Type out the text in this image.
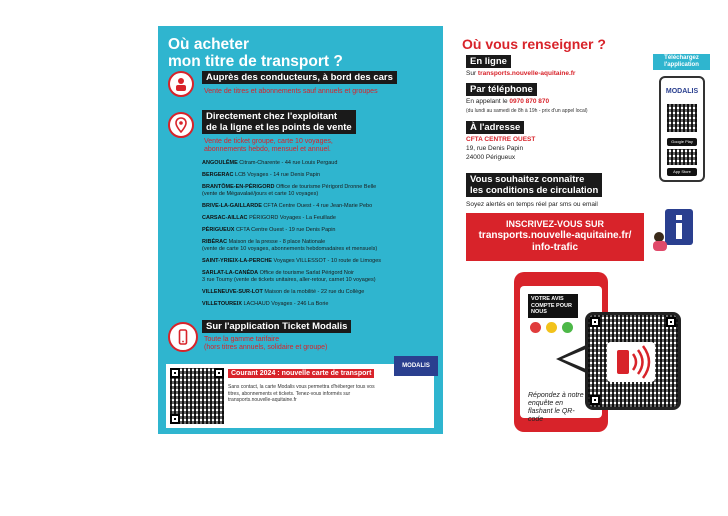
Où acheter
mon titre de transport ?
Auprès des conducteurs, à bord des cars
Vente de titres et abonnements sauf annuels et groupes
Directement chez l'exploitant
de la ligne et les points de vente
Vente de ticket groupe, carte 10 voyages,
abonnements hebdo, mensuel et annuel.
ANGOULÊME Citram-Charente - 44 rue Louis Pergaud
BERGERAC LCB Voyages - 14 rue Denis Papin
BRANTÔME-EN-PÉRIGORD Office de tourisme Périgord Dronne Belle
(vente de Mégavalaé/jours et carte 10 voyages)
BRIVE-LA-GAILLARDE CFTA Centre Ouest - 4 rue Jean-Marie Pebo
CARSAC-AILLAC PÉRIGORD Voyages - La Feuillade
PÉRIGUEUX CFTA Centre Ouest - 19 rue Denis Papin
RIBÉRAC Maison de la presse - 8 place Nationale
(vente de carte 10 voyages, abonnements hebdomadaires et mensuels)
SAINT-YRIEIX-LA-PERCHE Voyages VILLESSOT - 10 route de Limoges
SARLAT-LA-CANÉDA Office de tourisme Sarlat Périgord Noir
3 rue Tourny (vente de tickets unitaires, aller-retour, carnet 10 voyages)
VILLENEUVE-SUR-LOT Maison de la mobilité - 22 rue du Collège
VILLETOUREIX LACHAUD Voyages - 246 La Borie
Sur l'application Ticket Modalis
Toute la gamme tarifaire
(hors titres annuels, solidaire et groupe)
Courant 2024 : nouvelle carte de transport
Sans contact, la carte Modalis vous permettra d'héberger tous vos titres, abonnements et tickets. Tenez-vous informés sur transports.nouvelle-aquitaine.fr
MODALIS
Où vous renseigner ?
En ligne
Sur transports.nouvelle-aquitaine.fr
Par téléphone
En appelant le 0970 870 870
(du lundi au samedi de 8h à 19h - prix d'un appel local)
À l'adresse
CFTA CENTRE OUEST
19, rue Denis Papin
24000 Périgueux
Vous souhaitez connaître
les conditions de circulation
Soyez alertés en temps réel par sms ou email
INSCRIVEZ-VOUS SUR
transports.nouvelle-aquitaine.fr/
info-trafic
Téléchargez
l'application
MODALIS
Google Play
App Store
VOTRE AVIS
COMPTE POUR
NOUS
Répondez à notre enquête en flashant le QR-code
